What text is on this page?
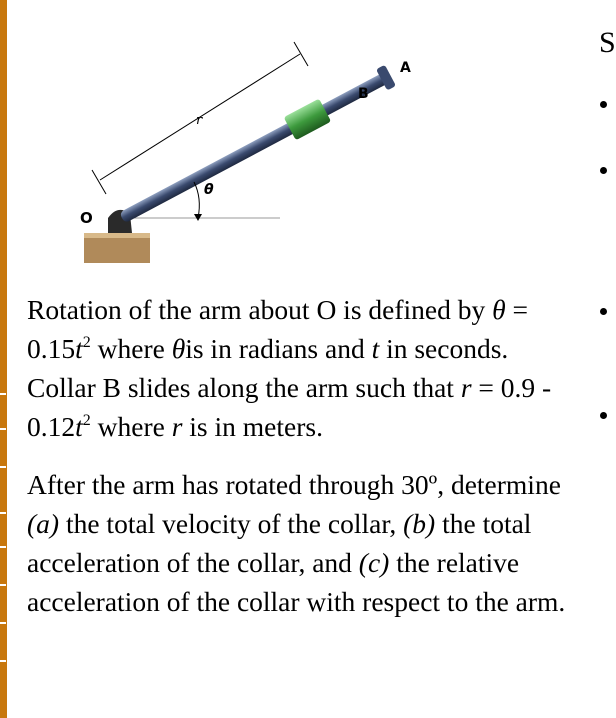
O
θ
r
B
A

Rotation of the arm about O is defined by $\theta = 0.15t^2$ where θis in radians and t in seconds. Collar B slides along the arm such that $r = 0.9 - 0.12t^2$ where r is in meters.

After the arm has rotated through 30º, determine (a) the total velocity of the collar, (b) the total acceleration of the collar, and (c) the relative acceleration of the collar with respect to the arm.

S
